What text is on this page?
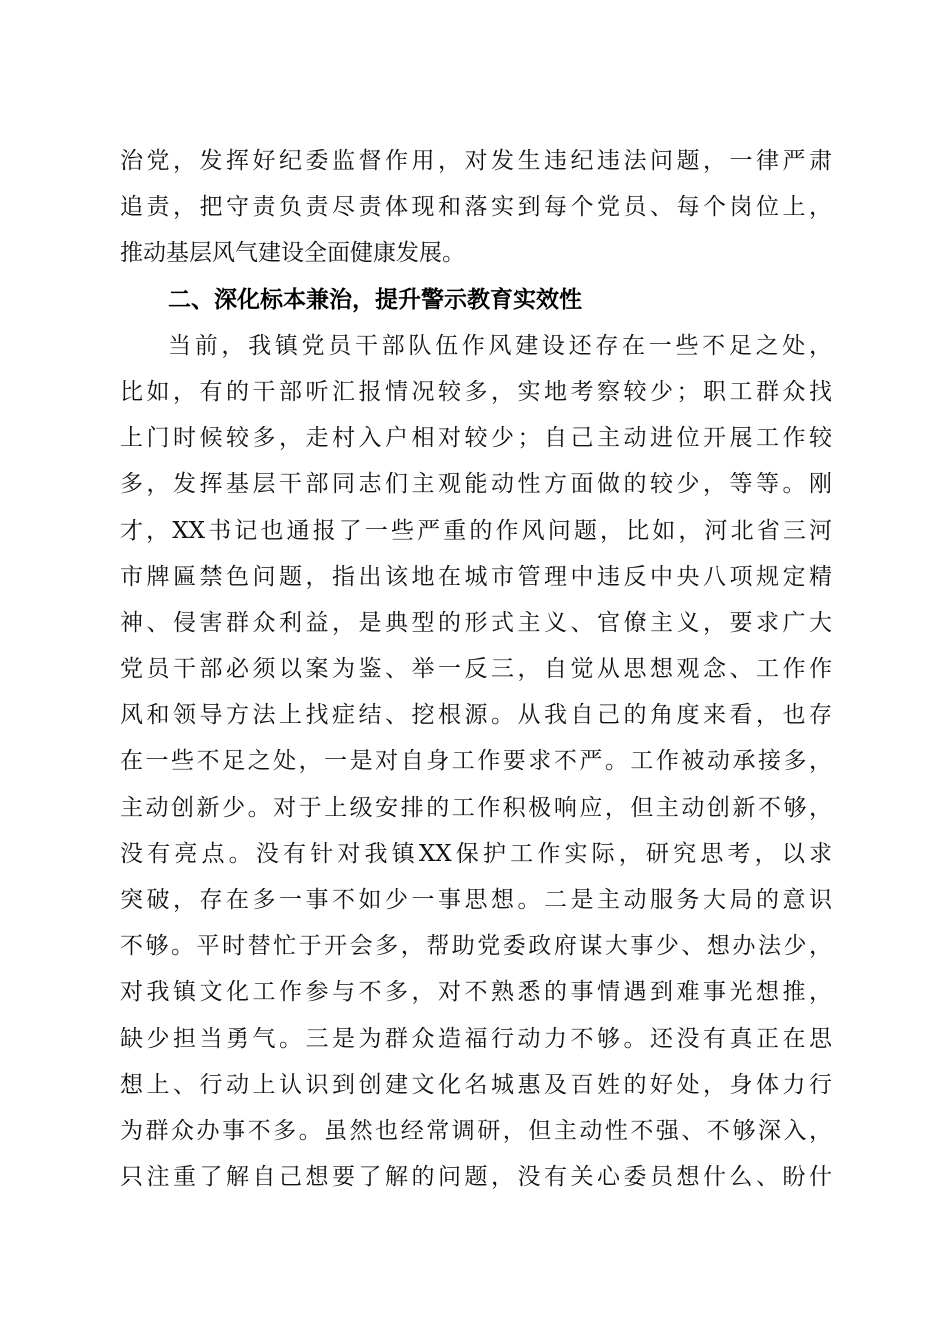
治党，发挥好纪委监督作用，对发生违纪违法问题，一律严肃
追责，把守责负责尽责体现和落实到每个党员、每个岗位上，
推动基层风气建设全面健康发展。
二、深化标本兼治，提升警示教育实效性
当前，我镇党员干部队伍作风建设还存在一些不足之处，
比如，有的干部听汇报情况较多，实地考察较少；职工群众找
上门时候较多，走村入户相对较少；自己主动进位开展工作较
多，发挥基层干部同志们主观能动性方面做的较少，等等。刚
才，XX书记也通报了一些严重的作风问题，比如，河北省三河
市牌匾禁色问题，指出该地在城市管理中违反中央八项规定精
神、侵害群众利益，是典型的形式主义、官僚主义，要求广大
党员干部必须以案为鉴、举一反三，自觉从思想观念、工作作
风和领导方法上找症结、挖根源。从我自己的角度来看，也存
在一些不足之处，一是对自身工作要求不严。工作被动承接多，
主动创新少。对于上级安排的工作积极响应，但主动创新不够，
没有亮点。没有针对我镇XX保护工作实际，研究思考，以求
突破，存在多一事不如少一事思想。二是主动服务大局的意识
不够。平时替忙于开会多，帮助党委政府谋大事少、想办法少，
对我镇文化工作参与不多，对不熟悉的事情遇到难事光想推，
缺少担当勇气。三是为群众造福行动力不够。还没有真正在思
想上、行动上认识到创建文化名城惠及百姓的好处，身体力行
为群众办事不多。虽然也经常调研，但主动性不强、不够深入，
只注重了解自己想要了解的问题，没有关心委员想什么、盼什
